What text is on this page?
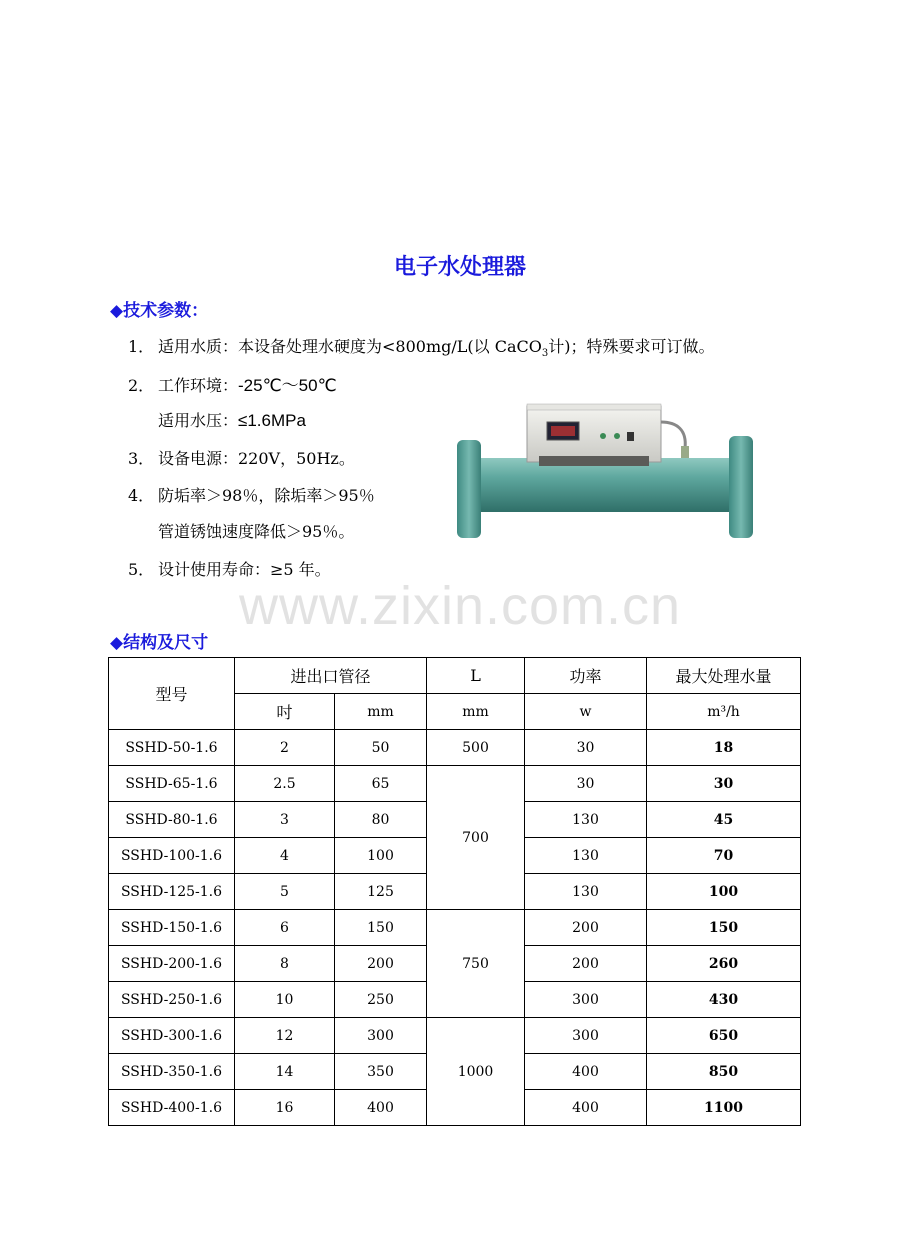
电子水处理器
◆技术参数：
1． 适用水质：本设备处理水硬度为<800mg/L(以 CaCO$_3$计)；特殊要求可订做。
2． 工作环境：-25℃～50℃
适用水压：≤1.6MPa
3． 设备电源：220V，50Hz。
4． 防垢率＞98％，除垢率＞95％
管道锈蚀速度降低＞95％。
5． 设计使用寿命：≥5 年。
www.zixin.com.cn
◆结构及尺寸
型号	进出口管径		L	功率	最大处理水量
	吋	mm	mm	w	m³/h
SSHD-50-1.6	2	50	500	30	18
SSHD-65-1.6	2.5	65	700	30	30
SSHD-80-1.6	3	80		130	45
SSHD-100-1.6	4	100		130	70
SSHD-125-1.6	5	125		130	100
SSHD-150-1.6	6	150	750	200	150
SSHD-200-1.6	8	200		200	260
SSHD-250-1.6	10	250		300	430
SSHD-300-1.6	12	300	1000	300	650
SSHD-350-1.6	14	350		400	850
SSHD-400-1.6	16	400		400	1100
